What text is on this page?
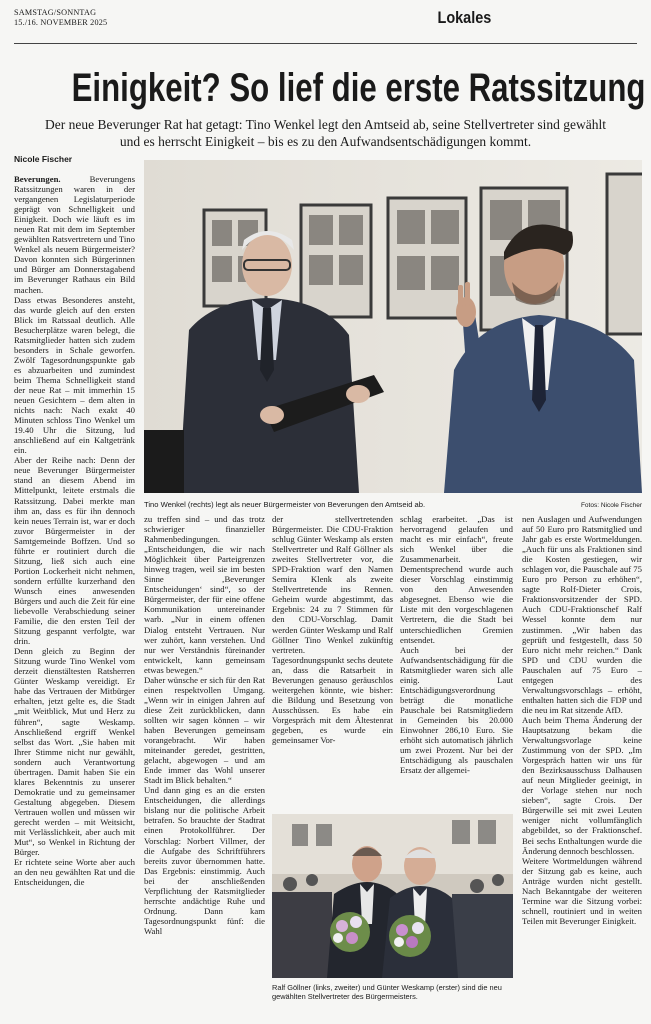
SAMSTAG/SONNTAG
15./16. NOVEMBER 2025	Lokales
Einigkeit? So lief die erste Ratssitzung
Der neue Beverunger Rat hat getagt: Tino Wenkel legt den Amtseid ab, seine Stellvertreter sind gewählt und es herrscht Einigkeit – bis es zu den Aufwandsentschädigungen kommt.
Nicole Fischer

Beverungen.	Beverungens Ratssitzungen waren in der vergangenen Legislaturperiode geprägt von Schnelligkeit und Einigkeit. Doch wie läuft es im neuen Rat mit dem im September gewählten Ratsvertretern und Tino Wenkel als neuem Bürgermeister? Davon konnten sich Bürgerinnen und Bürger am Donnerstagabend im Beverunger Rathaus ein Bild machen.

Dass etwas Besonderes ansteht, das wurde gleich auf den ersten Blick im Ratssaal deutlich. Alle Besucherplätze waren belegt, die Ratsmitglieder hatten sich zudem besonders in Schale geworfen. Zwölf Tagesordnungspunkte gab es abzuarbeiten und zumindest beim Thema Schnelligkeit stand der neue Rat – mit immerhin 15 neuen Gesichtern – dem alten in nichts nach: Nach exakt 40 Minuten schloss Tino Wenkel um 19.40 Uhr die Sitzung, lud anschließend auf ein Kaltgetränk ein.

Aber der Reihe nach: Denn der neue Beverunger Bürgermeister stand an diesem Abend im Mittelpunkt, leitete erstmals die Ratssitzung. Dabei merkte man ihm an, dass es für ihn dennoch kein neues Terrain ist, war er doch zuvor Bürgermeister in der Samtgemeinde Boffzen. Und so führte er routiniert durch die Sitzung, ließ sich auch eine Portion Lockerheit nicht nehmen, sondern erfüllte kurzerhand den Wunsch eines anwesenden Bürgers und auch die Zeit für eine liebevolle Verabschiedung seiner Familie, die den ersten Teil der Sitzung gespannt verfolgte, war drin.

Denn gleich zu Beginn der Sitzung wurde Tino Wenkel vom derzeit dienstältesten Ratsherren Günter Weskamp vereidigt. Er habe das Vertrauen der Mitbürger erhalten, jetzt gelte es, die Stadt „mit Weitblick, Mut und Herz zu führen“, sagte Weskamp. Anschließend ergriff Wenkel selbst das Wort. „Sie haben mit Ihrer Stimme nicht nur gewählt, sondern auch Verantwortung übertragen. Damit haben Sie ein klares Bekenntnis zu unserer Demokratie und zu gemeinsamer Gestaltung abgegeben. Diesem Vertrauen wollen und müssen wir gerecht werden – mit Weitsicht, mit Verlässlichkeit, aber auch mit Mut“, so Wenkel in Richtung der Bürger.

Er richtete seine Worte aber auch an den neu gewählten Rat und die Entscheidungen, die

Tino Wenkel (rechts) legt als neuer Bürgermeister von Beverungen den Amtseid ab.	Fotos: Nicole Fischer

zu treffen sind – und das trotz schwieriger finanzieller Rahmenbedingungen. „Entscheidungen, die wir nach Möglichkeit über Parteigrenzen hinweg tragen, weil sie im besten Sinne ‚Beverunger Entscheidungen‘ sind“, so der Bürgermeister, der für eine offene Kommunikation untereinander warb. „Nur in einem offenen Dialog entsteht Vertrauen. Nur wer zuhört, kann verstehen. Und nur wer Verständnis füreinander entwickelt, kann gemeinsam etwas bewegen.“

Daher wünsche er sich für den Rat einen respektvollen Umgang. „Wenn wir in einigen Jahren auf diese Zeit zurückblicken, dann sollten wir sagen können – wir haben Beverungen gemeinsam vorangebracht. Wir haben miteinander geredet, gestritten, gelacht, abgewogen – und am Ende immer das Wohl unserer Stadt im Blick behalten.“

Und dann ging es an die ersten Entscheidungen, die allerdings bislang nur die politische Arbeit betrafen. So brauchte der Stadtrat einen Protokollführer. Der Vorschlag: Norbert Villmer, der die Aufgabe des Schriftführers bereits zuvor übernommen hatte. Das Ergebnis: einstimmig. Auch bei der anschließenden Verpflichtung der Ratsmitglieder herrschte andächtige Ruhe und Ordnung. Dann kam Tagesordnungspunkt fünf: die Wahl

der stellvertretenden Bürgermeister. Die CDU-Fraktion schlug Günter Weskamp als ersten Stellvertreter und Ralf Göllner als zweites Stellvertreter vor, die SPD-Fraktion warf den Namen Semira Klenk als zweite Stellvertretende ins Rennen. Geheim wurde abgestimmt, das Ergebnis: 24 zu 7 Stimmen für den CDU-Vorschlag. Damit werden Günter Weskamp und Ralf Göllner Tino Wenkel zukünftig vertreten.

Tagesordnungspunkt sechs deutete an, dass die Ratsarbeit in Beverungen genauso geräuschlos weitergehen könnte, wie bisher: die Bildung und Besetzung von Ausschüssen. Es habe ein Vorgespräch mit dem Ältestenrat gegeben, es wurde ein gemeinsamer Vor-

schlag erarbeitet. „Das ist hervorragend gelaufen und macht es mir einfach“, freute sich Wenkel über die Zusammenarbeit. Dementsprechend wurde auch dieser Vorschlag einstimmig von den Anwesenden abgesegnet. Ebenso wie die Liste mit den vorgeschlagenen Vertretern, die die Stadt bei unterschiedlichen Gremien entsendet.

Auch bei der Aufwandsentschädigung für die Ratsmitglieder waren sich alle einig. Laut Entschädigungsverordnung beträgt die monatliche Pauschale bei Ratsmitgliedern in Gemeinden bis 20.000 Einwohner 286,10 Euro. Sie erhöht sich automatisch jährlich um zwei Prozent. Nur bei der Entschädigung als pauschalen Ersatz der allgemei-

Ralf Göllner (links, zweiter) und Günter Weskamp (erster) sind die neu gewählten Stellvertreter des Bürgermeisters.

nen Auslagen und Aufwendungen auf 50 Euro pro Ratsmitglied und Jahr gab es erste Wortmeldungen. „Auch für uns als Fraktionen sind die Kosten gestiegen, wir schlagen vor, die Pauschale auf 75 Euro pro Person zu erhöhen“, sagte Rolf-Dieter Crois, Fraktionsvorsitzender der SPD. Auch CDU-Fraktionschef Ralf Wessel konnte dem nur zustimmen. „Wir haben das geprüft und festgestellt, dass 50 Euro nicht mehr reichen.“ Dank SPD und CDU wurden die Pauschalen auf 75 Euro – entgegen des Verwaltungsvorschlags – erhöht, enthalten hatten sich die FDP und die neu im Rat sitzende AfD.

Auch beim Thema Änderung der Hauptsatzung bekam die Verwaltungsvorlage keine Zustimmung von der SPD. „Im Vorgespräch hatten wir uns für den Bezirksausschuss Dalhausen auf neun Mitglieder geeinigt, in der Vorlage stehen nur noch sieben“, sagte Crois. Der Bürgerwille sei mit zwei Leuten weniger nicht vollumfänglich abgebildet, so der Fraktionschef. Bei sechs Enthaltungen wurde die Änderung dennoch beschlossen.

Weitere Wortmeldungen während der Sitzung gab es keine, auch Anträge wurden nicht gestellt. Nach Bekanntgabe der weiteren Termine war die Sitzung vorbei: schnell, routiniert und in weiten Teilen mit Beverunger Einigkeit.
